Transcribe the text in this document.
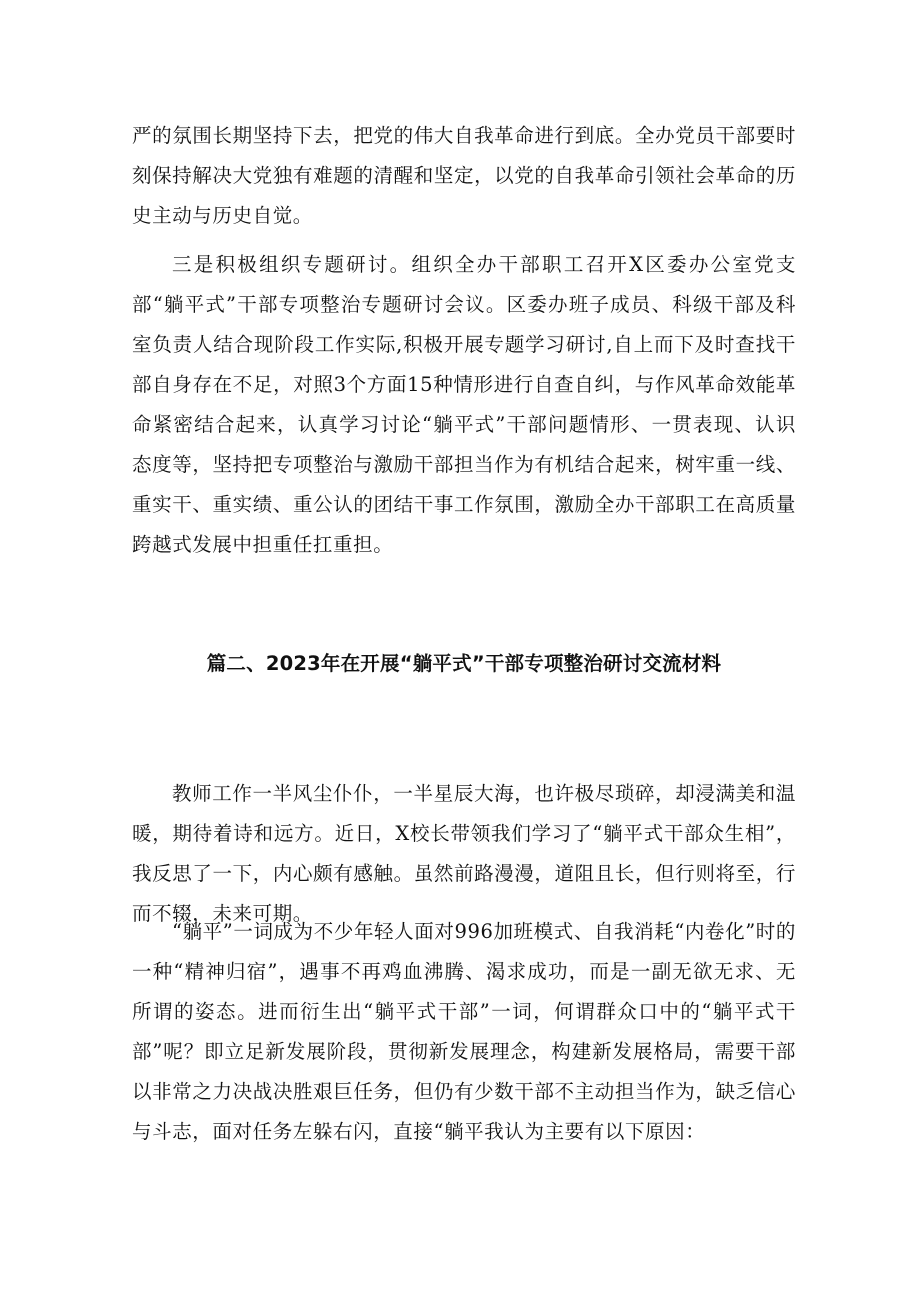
严的氛围长期坚持下去，把党的伟大自我革命进行到底。全办党员干部要时刻保持解决大党独有难题的清醒和坚定，以党的自我革命引领社会革命的历史主动与历史自觉。

三是积极组织专题研讨。组织全办干部职工召开X区委办公室党支部“躺平式”干部专项整治专题研讨会议。区委办班子成员、科级干部及科室负责人结合现阶段工作实际,积极开展专题学习研讨,自上而下及时查找干部自身存在不足，对照3个方面15种情形进行自查自纠，与作风革命效能革命紧密结合起来，认真学习讨论“躺平式”干部问题情形、一贯表现、认识态度等，坚持把专项整治与激励干部担当作为有机结合起来，树牢重一线、重实干、重实绩、重公认的团结干事工作氛围，激励全办干部职工在高质量跨越式发展中担重任扛重担。

篇二、2023年在开展“躺平式”干部专项整治研讨交流材料

教师工作一半风尘仆仆，一半星辰大海，也许极尽琐碎，却浸满美和温暖，期待着诗和远方。近日，X校长带领我们学习了“躺平式干部众生相”，我反思了一下，内心颇有感触。虽然前路漫漫，道阻且长，但行则将至，行而不辍，未来可期。

“躺平”一词成为不少年轻人面对996加班模式、自我消耗“内卷化”时的一种“精神归宿”，遇事不再鸡血沸腾、渴求成功，而是一副无欲无求、无所谓的姿态。进而衍生出“躺平式干部”一词，何谓群众口中的“躺平式干部”呢？即立足新发展阶段，贯彻新发展理念，构建新发展格局，需要干部以非常之力决战决胜艰巨任务，但仍有少数干部不主动担当作为，缺乏信心与斗志，面对任务左躲右闪，直接“躺平我认为主要有以下原因：
